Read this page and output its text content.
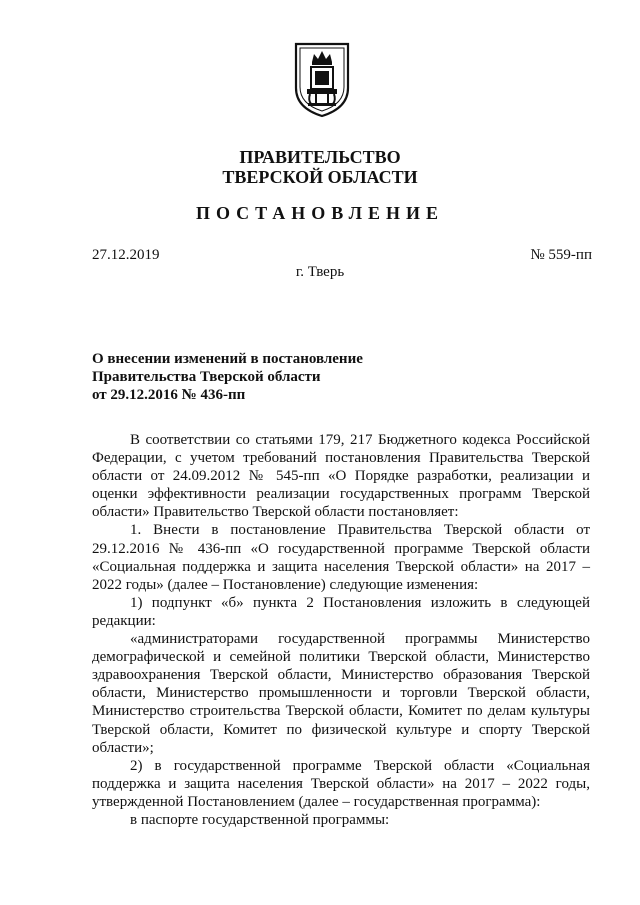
ПРАВИТЕЛЬСТВО
ТВЕРСКОЙ ОБЛАСТИ
ПОСТАНОВЛЕНИЕ
27.12.2019	№ 559-пп
г. Тверь
О внесении изменений в постановление
Правительства Тверской области
от 29.12.2016 № 436-пп

В соответствии со статьями 179, 217 Бюджетного кодекса Российской Федерации, с учетом требований постановления Правительства Тверской области от 24.09.2012 № 545-пп «О Порядке разработки, реализации и оценки эффективности реализации государственных программ Тверской области» Правительство Тверской области постановляет:

1. Внести в постановление Правительства Тверской области от 29.12.2016 № 436-пп «О государственной программе Тверской области «Социальная поддержка и защита населения Тверской области» на 2017 – 2022 годы» (далее – Постановление) следующие изменения:

1) подпункт «б» пункта 2 Постановления изложить в следующей редакции:

«администраторами государственной программы Министерство демографической и семейной политики Тверской области, Министерство здравоохранения Тверской области, Министерство образования Тверской области, Министерство промышленности и торговли Тверской области, Министерство строительства Тверской области, Комитет по делам культуры Тверской области, Комитет по физической культуре и спорту Тверской области»;

2) в государственной программе Тверской области «Социальная поддержка и защита населения Тверской области» на 2017 – 2022 годы, утвержденной Постановлением (далее – государственная программа):

в паспорте государственной программы:
